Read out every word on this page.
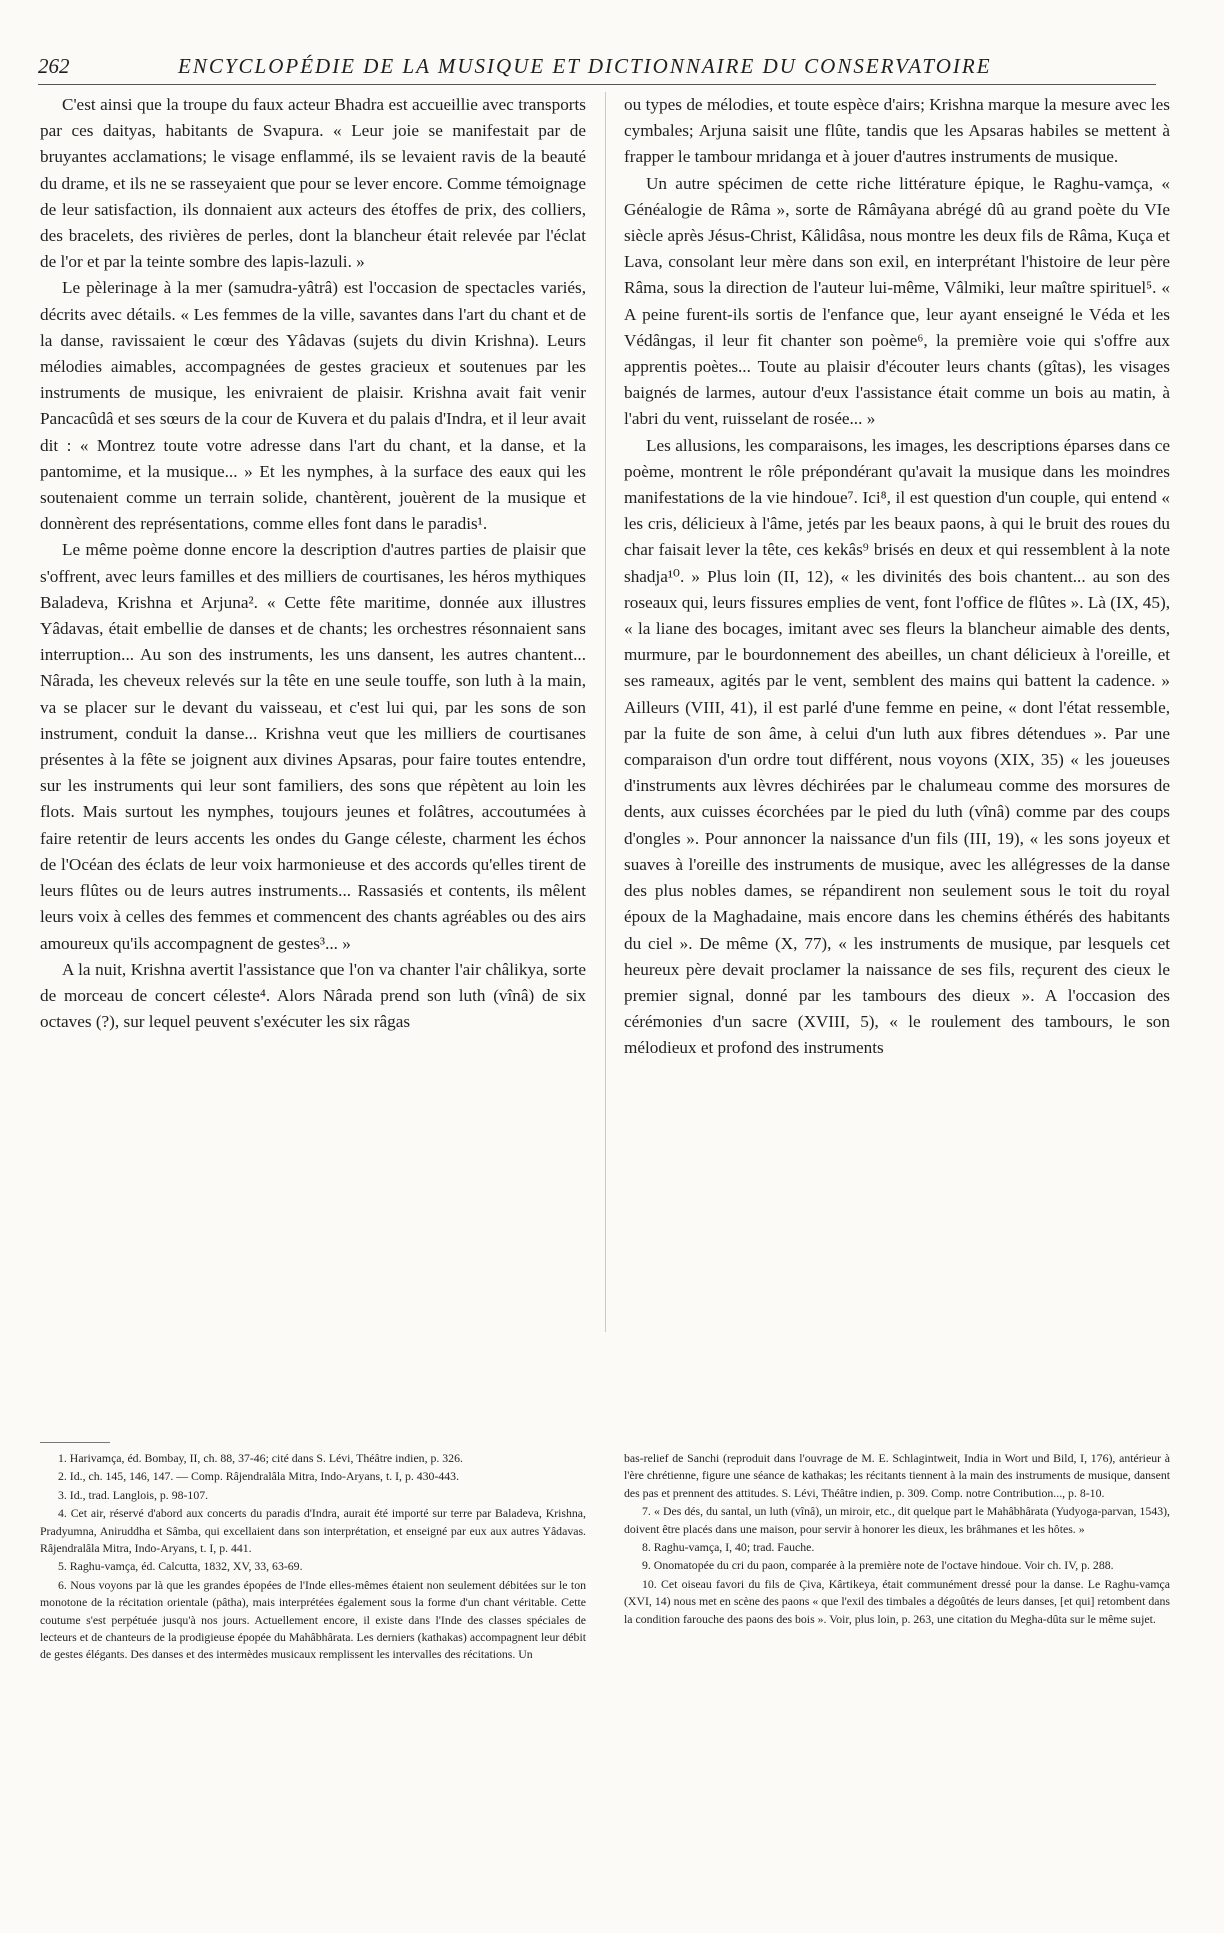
262	ENCYCLOPÉDIE DE LA MUSIQUE ET DICTIONNAIRE DU CONSERVATOIRE

C'est ainsi que la troupe du faux acteur Bhadra est accueillie avec transports par ces daityas, habitants de Svapura. « Leur joie se manifestait par de bruyantes acclamations; le visage enflammé, ils se levaient ravis de la beauté du drame, et ils ne se rasseyaient que pour se lever encore. Comme témoignage de leur satisfaction, ils donnaient aux acteurs des étoffes de prix, des colliers, des bracelets, des rivières de perles, dont la blancheur était relevée par l'éclat de l'or et par la teinte sombre des lapis-lazuli. »

Le pèlerinage à la mer (samudra-yâtrâ) est l'occasion de spectacles variés, décrits avec détails. « Les femmes de la ville, savantes dans l'art du chant et de la danse, ravissaient le cœur des Yâdavas (sujets du divin Krishna). Leurs mélodies aimables, accompagnées de gestes gracieux et soutenues par les instruments de musique, les enivraient de plaisir. Krishna avait fait venir Pancacûdâ et ses sœurs de la cour de Kuvera et du palais d'Indra, et il leur avait dit : « Montrez toute votre adresse dans l'art du chant, et la danse, et la pantomime, et la musique... » Et les nymphes, à la surface des eaux qui les soutenaient comme un terrain solide, chantèrent, jouèrent de la musique et donnèrent des représentations, comme elles font dans le paradis¹.

Le même poème donne encore la description d'autres parties de plaisir que s'offrent, avec leurs familles et des milliers de courtisanes, les héros mythiques Baladeva, Krishna et Arjuna². « Cette fête maritime, donnée aux illustres Yâdavas, était embellie de danses et de chants; les orchestres résonnaient sans interruption... Au son des instruments, les uns dansent, les autres chantent... Nârada, les cheveux relevés sur la tête en une seule touffe, son luth à la main, va se placer sur le devant du vaisseau, et c'est lui qui, par les sons de son instrument, conduit la danse... Krishna veut que les milliers de courtisanes présentes à la fête se joignent aux divines Apsaras, pour faire toutes entendre, sur les instruments qui leur sont familiers, des sons que répètent au loin les flots. Mais surtout les nymphes, toujours jeunes et folâtres, accoutumées à faire retentir de leurs accents les ondes du Gange céleste, charment les échos de l'Océan des éclats de leur voix harmonieuse et des accords qu'elles tirent de leurs flûtes ou de leurs autres instruments... Rassasiés et contents, ils mêlent leurs voix à celles des femmes et commencent des chants agréables ou des airs amoureux qu'ils accompagnent de gestes³... »

A la nuit, Krishna avertit l'assistance que l'on va chanter l'air châlikya, sorte de morceau de concert céleste⁴. Alors Nârada prend son luth (vînâ) de six octaves (?), sur lequel peuvent s'exécuter les six râgas

ou types de mélodies, et toute espèce d'airs; Krishna marque la mesure avec les cymbales; Arjuna saisit une flûte, tandis que les Apsaras habiles se mettent à frapper le tambour mridanga et à jouer d'autres instruments de musique.

Un autre spécimen de cette riche littérature épique, le Raghu-vamça, « Généalogie de Râma », sorte de Râmâyana abrégé dû au grand poète du VIe siècle après Jésus-Christ, Kâlidâsa, nous montre les deux fils de Râma, Kuça et Lava, consolant leur mère dans son exil, en interprétant l'histoire de leur père Râma, sous la direction de l'auteur lui-même, Vâlmiki, leur maître spirituel⁵. « A peine furent-ils sortis de l'enfance que, leur ayant enseigné le Véda et les Védângas, il leur fit chanter son poème⁶, la première voie qui s'offre aux apprentis poètes... Toute au plaisir d'écouter leurs chants (gîtas), les visages baignés de larmes, autour d'eux l'assistance était comme un bois au matin, à l'abri du vent, ruisselant de rosée... »

Les allusions, les comparaisons, les images, les descriptions éparses dans ce poème, montrent le rôle prépondérant qu'avait la musique dans les moindres manifestations de la vie hindoue⁷. Ici⁸, il est question d'un couple, qui entend « les cris, délicieux à l'âme, jetés par les beaux paons, à qui le bruit des roues du char faisait lever la tête, ces kekâs⁹ brisés en deux et qui ressemblent à la note shadja¹⁰. » Plus loin (II, 12), « les divinités des bois chantent... au son des roseaux qui, leurs fissures emplies de vent, font l'office de flûtes ». Là (IX, 45), « la liane des bocages, imitant avec ses fleurs la blancheur aimable des dents, murmure, par le bourdonnement des abeilles, un chant délicieux à l'oreille, et ses rameaux, agités par le vent, semblent des mains qui battent la cadence. » Ailleurs (VIII, 41), il est parlé d'une femme en peine, « dont l'état ressemble, par la fuite de son âme, à celui d'un luth aux fibres détendues ». Par une comparaison d'un ordre tout différent, nous voyons (XIX, 35) « les joueuses d'instruments aux lèvres déchirées par le chalumeau comme des morsures de dents, aux cuisses écorchées par le pied du luth (vînâ) comme par des coups d'ongles ». Pour annoncer la naissance d'un fils (III, 19), « les sons joyeux et suaves à l'oreille des instruments de musique, avec les allégresses de la danse des plus nobles dames, se répandirent non seulement sous le toit du royal époux de la Maghadaine, mais encore dans les chemins éthérés des habitants du ciel ». De même (X, 77), « les instruments de musique, par lesquels cet heureux père devait proclamer la naissance de ses fils, reçurent des cieux le premier signal, donné par les tambours des dieux ». A l'occasion des cérémonies d'un sacre (XVIII, 5), « le roulement des tambours, le son mélodieux et profond des instruments

1. Harivamça, éd. Bombay, II, ch. 88, 37-46; cité dans S. Lévi, Théâtre indien, p. 326.

2. Id., ch. 145, 146, 147. — Comp. Râjendralâla Mitra, Indo-Aryans, t. I, p. 430-443.

3. Id., trad. Langlois, p. 98-107.

4. Cet air, réservé d'abord aux concerts du paradis d'Indra, aurait été importé sur terre par Baladeva, Krishna, Pradyumna, Aniruddha et Sâmba, qui excellaient dans son interprétation, et enseigné par eux aux autres Yâdavas. Râjendralâla Mitra, Indo-Aryans, t. I, p. 441.

5. Raghu-vamça, éd. Calcutta, 1832, XV, 33, 63-69.

6. Nous voyons par là que les grandes épopées de l'Inde elles-mêmes étaient non seulement débitées sur le ton monotone de la récitation orientale (pâtha), mais interprétées également sous la forme d'un chant véritable. Cette coutume s'est perpétuée jusqu'à nos jours. Actuellement encore, il existe dans l'Inde des classes spéciales de lecteurs et de chanteurs de la prodigieuse épopée du Mahâbhârata. Les derniers (kathakas) accompagnent leur débit de gestes élégants. Des danses et des intermèdes musicaux remplissent les intervalles des récitations. Un

bas-relief de Sanchi (reproduit dans l'ouvrage de M. E. Schlagintweit, India in Wort und Bild, I, 176), antérieur à l'ère chrétienne, figure une séance de kathakas; les récitants tiennent à la main des instruments de musique, dansent des pas et prennent des attitudes. S. Lévi, Théâtre indien, p. 309. Comp. notre Contribution..., p. 8-10.

7. « Des dés, du santal, un luth (vînâ), un miroir, etc., dit quelque part le Mahâbhârata (Yudyoga-parvan, 1543), doivent être placés dans une maison, pour servir à honorer les dieux, les brâhmanes et les hôtes. »

8. Raghu-vamça, I, 40; trad. Fauche.

9. Onomatopée du cri du paon, comparée à la première note de l'octave hindoue. Voir ch. IV, p. 288.

10. Cet oiseau favori du fils de Çiva, Kârtikeya, était communément dressé pour la danse. Le Raghu-vamça (XVI, 14) nous met en scène des paons « que l'exil des timbales a dégoûtés de leurs danses, [et qui] retombent dans la condition farouche des paons des bois ». Voir, plus loin, p. 263, une citation du Megha-dûta sur le même sujet.
